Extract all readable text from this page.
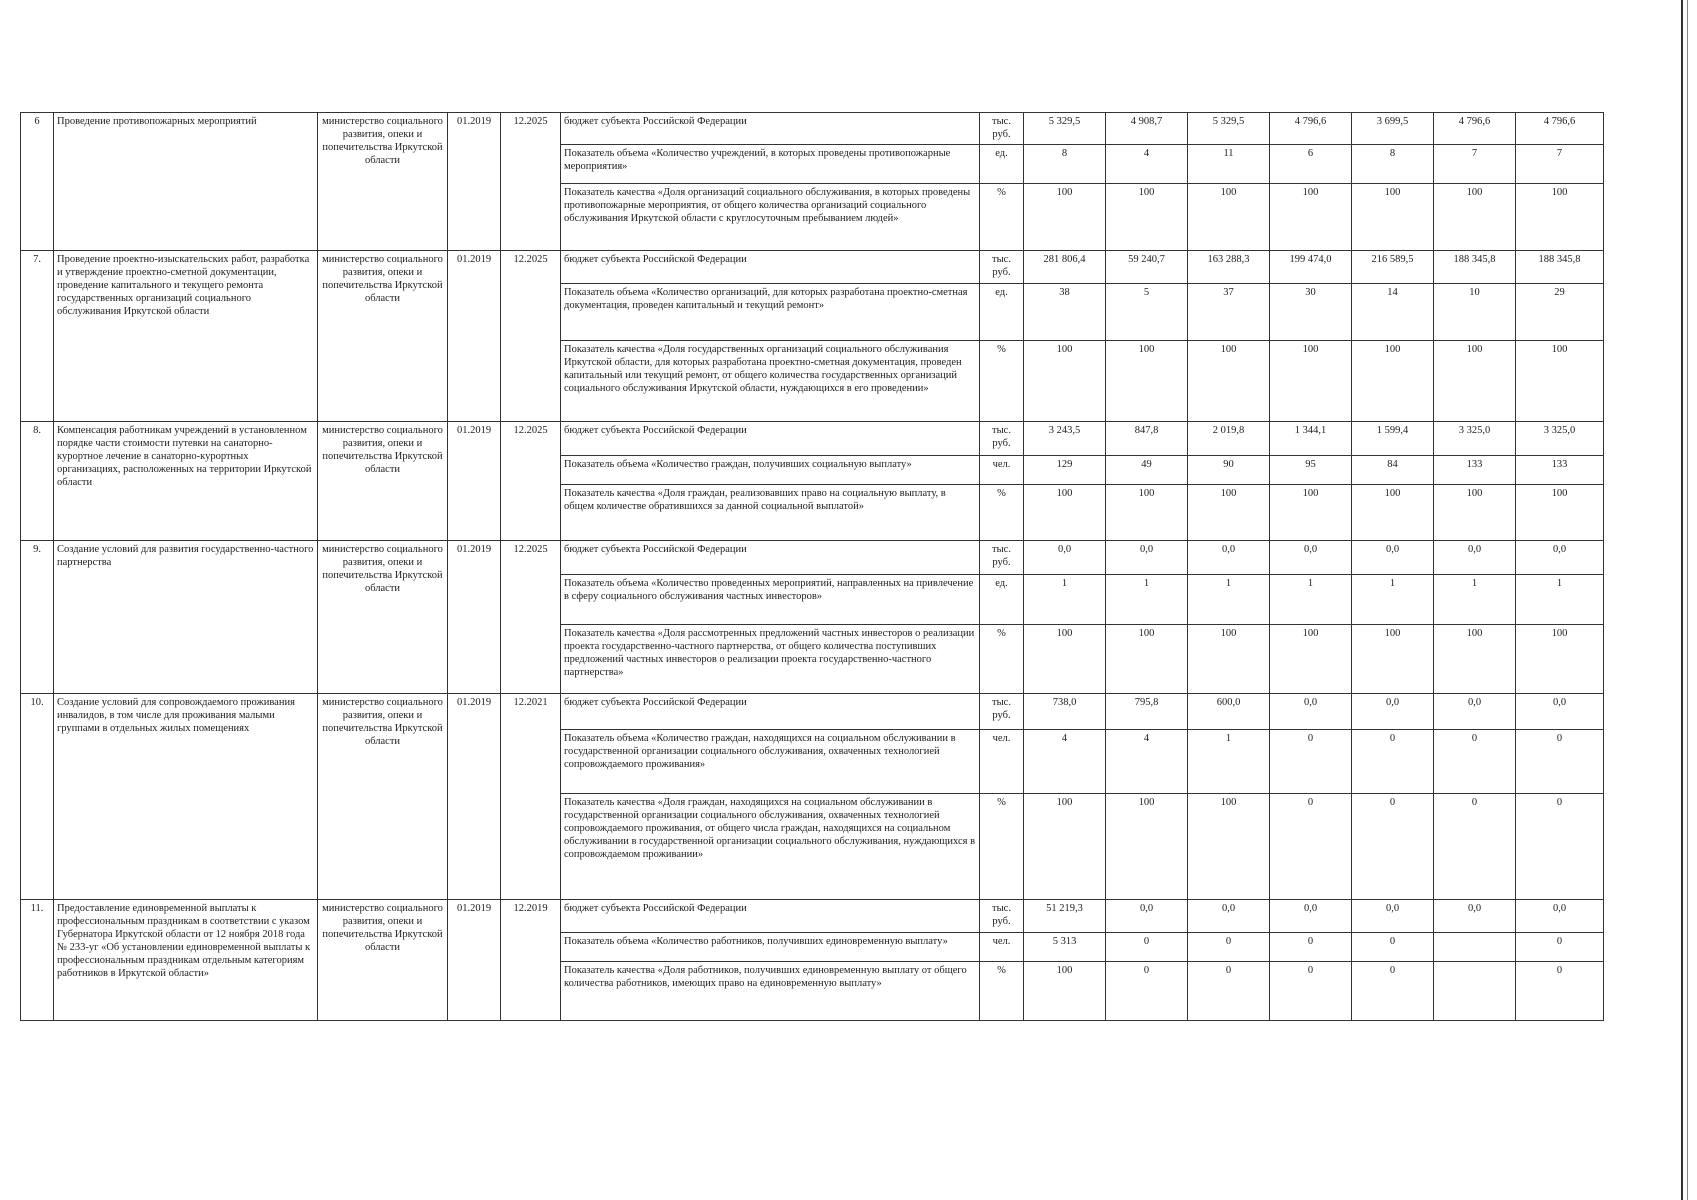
6	Проведение противопожарных мероприятий	министерство социального развития, опеки и попечительства Иркутской области	01.2019	12.2025	бюджет субъекта Российской Федерации	тыс. руб.	5 329,5	4 908,7	5 329,5	4 796,6	3 699,5	4 796,6	4 796,6
					Показатель объема «Количество учреждений, в которых проведены противопожарные мероприятия»	ед.	8	4	11	6	8	7	7
					Показатель качества «Доля организаций социального обслуживания, в которых проведены противопожарные мероприятия, от общего количества организаций социального обслуживания Иркутской области с круглосуточным пребыванием людей»	%	100	100	100	100	100	100	100
7.	Проведение проектно-изыскательских работ, разработка и утверждение проектно-сметной документации, проведение капитального и текущего ремонта государственных организаций социального обслуживания Иркутской области	министерство социального развития, опеки и попечительства Иркутской области	01.2019	12.2025	бюджет субъекта Российской Федерации	тыс. руб.	281 806,4	59 240,7	163 288,3	199 474,0	216 589,5	188 345,8	188 345,8
					Показатель объема «Количество организаций, для которых разработана проектно-сметная документация, проведен капитальный и текущий ремонт»	ед.	38	5	37	30	14	10	29
					Показатель качества «Доля государственных организаций социального обслуживания Иркутской области, для которых разработана проектно-сметная документация, проведен капитальный или текущий ремонт, от общего количества государственных организаций социального обслуживания Иркутской области, нуждающихся в его проведении»	%	100	100	100	100	100	100	100
8.	Компенсация работникам учреждений в установленном порядке части стоимости путевки на санаторно-курортное лечение в санаторно-курортных организациях, расположенных на территории Иркутской области	министерство социального развития, опеки и попечительства Иркутской области	01.2019	12.2025	бюджет субъекта Российской Федерации	тыс. руб.	3 243,5	847,8	2 019,8	1 344,1	1 599,4	3 325,0	3 325,0
					Показатель объема «Количество граждан, получивших социальную выплату»	чел.	129	49	90	95	84	133	133
					Показатель качества «Доля граждан, реализовавших право на социальную выплату, в общем количестве обратившихся за данной социальной выплатой»	%	100	100	100	100	100	100	100
9.	Создание условий для развития государственно-частного партнерства	министерство социального развития, опеки и попечительства Иркутской области	01.2019	12.2025	бюджет субъекта Российской Федерации	тыс. руб.	0,0	0,0	0,0	0,0	0,0	0,0	0,0
					Показатель объема «Количество проведенных мероприятий, направленных на привлечение в сферу социального обслуживания частных инвесторов»	ед.	1	1	1	1	1	1	1
					Показатель качества «Доля рассмотренных предложений частных инвесторов о реализации проекта государственно-частного партнерства, от общего количества поступивших предложений частных инвесторов о реализации проекта государственно-частного партнерства»	%	100	100	100	100	100	100	100
10.	Создание условий для сопровождаемого проживания инвалидов, в том числе для проживания малыми группами в отдельных жилых помещениях	министерство социального развития, опеки и попечительства Иркутской области	01.2019	12.2021	бюджет субъекта Российской Федерации	тыс. руб.	738,0	795,8	600,0	0,0	0,0	0,0	0,0
					Показатель объема «Количество граждан, находящихся на социальном обслуживании в государственной организации социального обслуживания, охваченных технологией сопровождаемого проживания»	чел.	4	4	1	0	0	0	0
					Показатель качества «Доля граждан, находящихся на социальном обслуживании в государственной организации социального обслуживания, охваченных технологией сопровождаемого проживания, от общего числа граждан, находящихся на социальном обслуживании в государственной организации социального обслуживания, нуждающихся в сопровождаемом проживании»	%	100	100	100	0	0	0	0
11.	Предоставление единовременной выплаты к профессиональным праздникам в соответствии с указом Губернатора Иркутской области от 12 ноября 2018 года № 233-уг «Об установлении единовременной выплаты к профессиональным праздникам отдельным категориям работников в Иркутской области»	министерство социального развития, опеки и попечительства Иркутской области	01.2019	12.2019	бюджет субъекта Российской Федерации	тыс. руб.	51 219,3	0,0	0,0	0,0	0,0	0,0	0,0
					Показатель объема «Количество работников, получивших единовременную выплату»	чел.	5 313	0	0	0	0		0
					Показатель качества «Доля работников, получивших единовременную выплату от общего количества работников, имеющих право на единовременную выплату»	%	100	0	0	0	0		0
